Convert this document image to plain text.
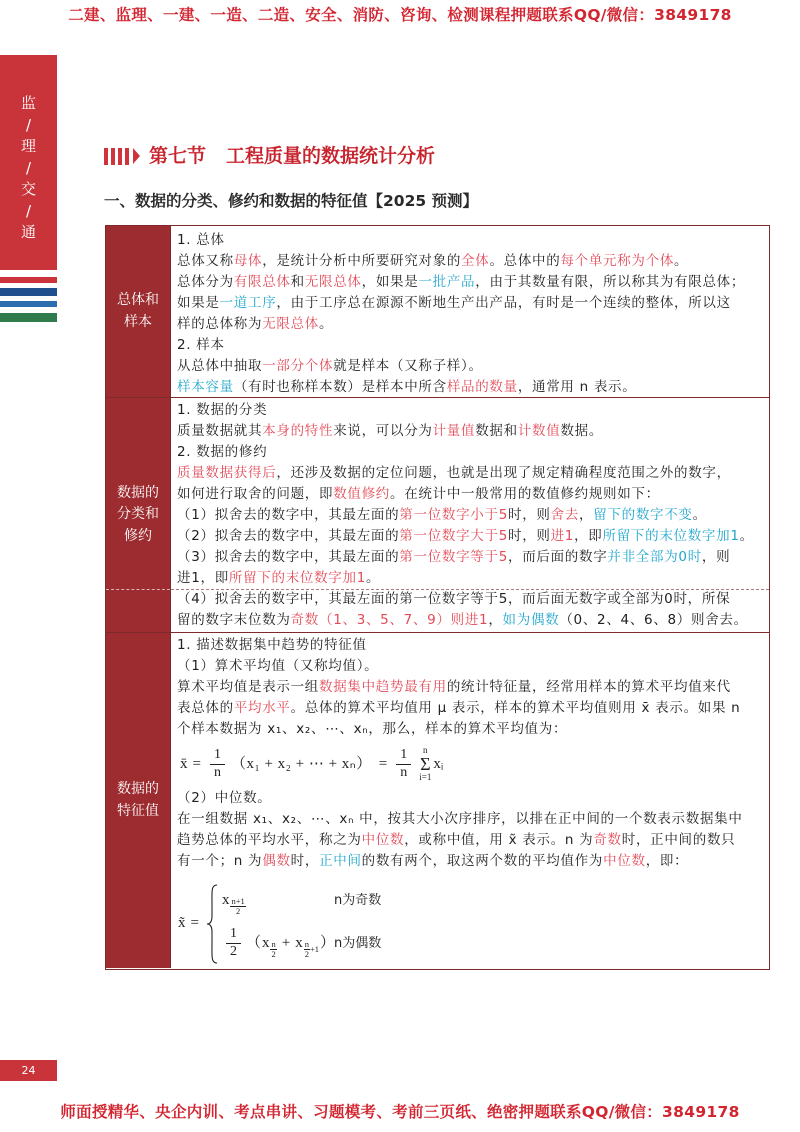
二建、监理、一建、一造、二造、安全、消防、咨询、检测课程押题联系QQ/微信：3849178
监
/
理
/
交
/
通
第七节 工程质量的数据统计分析
一、数据的分类、修约和数据的特征值【2025 预测】
总体和
样本
1. 总体
总体又称母体，是统计分析中所要研究对象的全体。总体中的每个单元称为个体。
总体分为有限总体和无限总体，如果是一批产品，由于其数量有限，所以称其为有限总体；
如果是一道工序，由于工序总在源源不断地生产出产品，有时是一个连续的整体，所以这
样的总体称为无限总体。
2. 样本
从总体中抽取一部分个体就是样本（又称子样）。
样本容量（有时也称样本数）是样本中所含样品的数量，通常用 n 表示。
数据的
分类和
修约
1. 数据的分类
质量数据就其本身的特性来说，可以分为计量值数据和计数值数据。
2. 数据的修约
质量数据获得后，还涉及数据的定位问题，也就是出现了规定精确程度范围之外的数字，
如何进行取舍的问题，即数值修约。在统计中一般常用的数值修约规则如下：
（1）拟舍去的数字中，其最左面的第一位数字小于5时，则舍去，留下的数字不变。
（2）拟舍去的数字中，其最左面的第一位数字大于5时，则进1，即所留下的末位数字加1。
（3）拟舍去的数字中，其最左面的第一位数字等于5，而后面的数字并非全部为0时，则
进1，即所留下的末位数字加1。
（4）拟舍去的数字中，其最左面的第一位数字等于5，而后面无数字或全部为0时，所保
留的数字末位数为奇数（1、3、5、7、9）则进1，如为偶数（0、2、4、6、8）则舍去。
数据的
特征值
1. 描述数据集中趋势的特征值
（1）算术平均值（又称均值）。
算术平均值是表示一组数据集中趋势最有用的统计特征量，经常用样本的算术平均值来代
表总体的平均水平。总体的算术平均值用 μ 表示，样本的算术平均值则用 x̄ 表示。如果 n
个样本数据为 x₁、x₂、⋯、xₙ，那么，样本的算术平均值为：
x̄ = $\frac{1}{n} (x_1 + x_2$ + ⋯ + $x_n) = \frac{1}{n}$ n
Σ
i=1
xᵢ
（2）中位数。
在一组数据 x₁、x₂、⋯、xₙ 中，按其大小次序排序，以排在正中间的一个数表示数据集中
趋势总体的平均水平，称之为中位数，或称中值，用 x̃ 表示。n 为奇数时，正中间的数只
有一个；n 为偶数时，正中间的数有两个，取这两个数的平均值作为中位数，即：
x̃ =
x $\frac{n+1}{2}$	n为奇数
$\frac{1}{2}$ （ x $\frac{n}{2} + x \frac{n}{2} +1$ ）
n为偶数
24
师面授精华、央企内训、考点串讲、习题模考、考前三页纸、绝密押题联系QQ/微信：3849178
